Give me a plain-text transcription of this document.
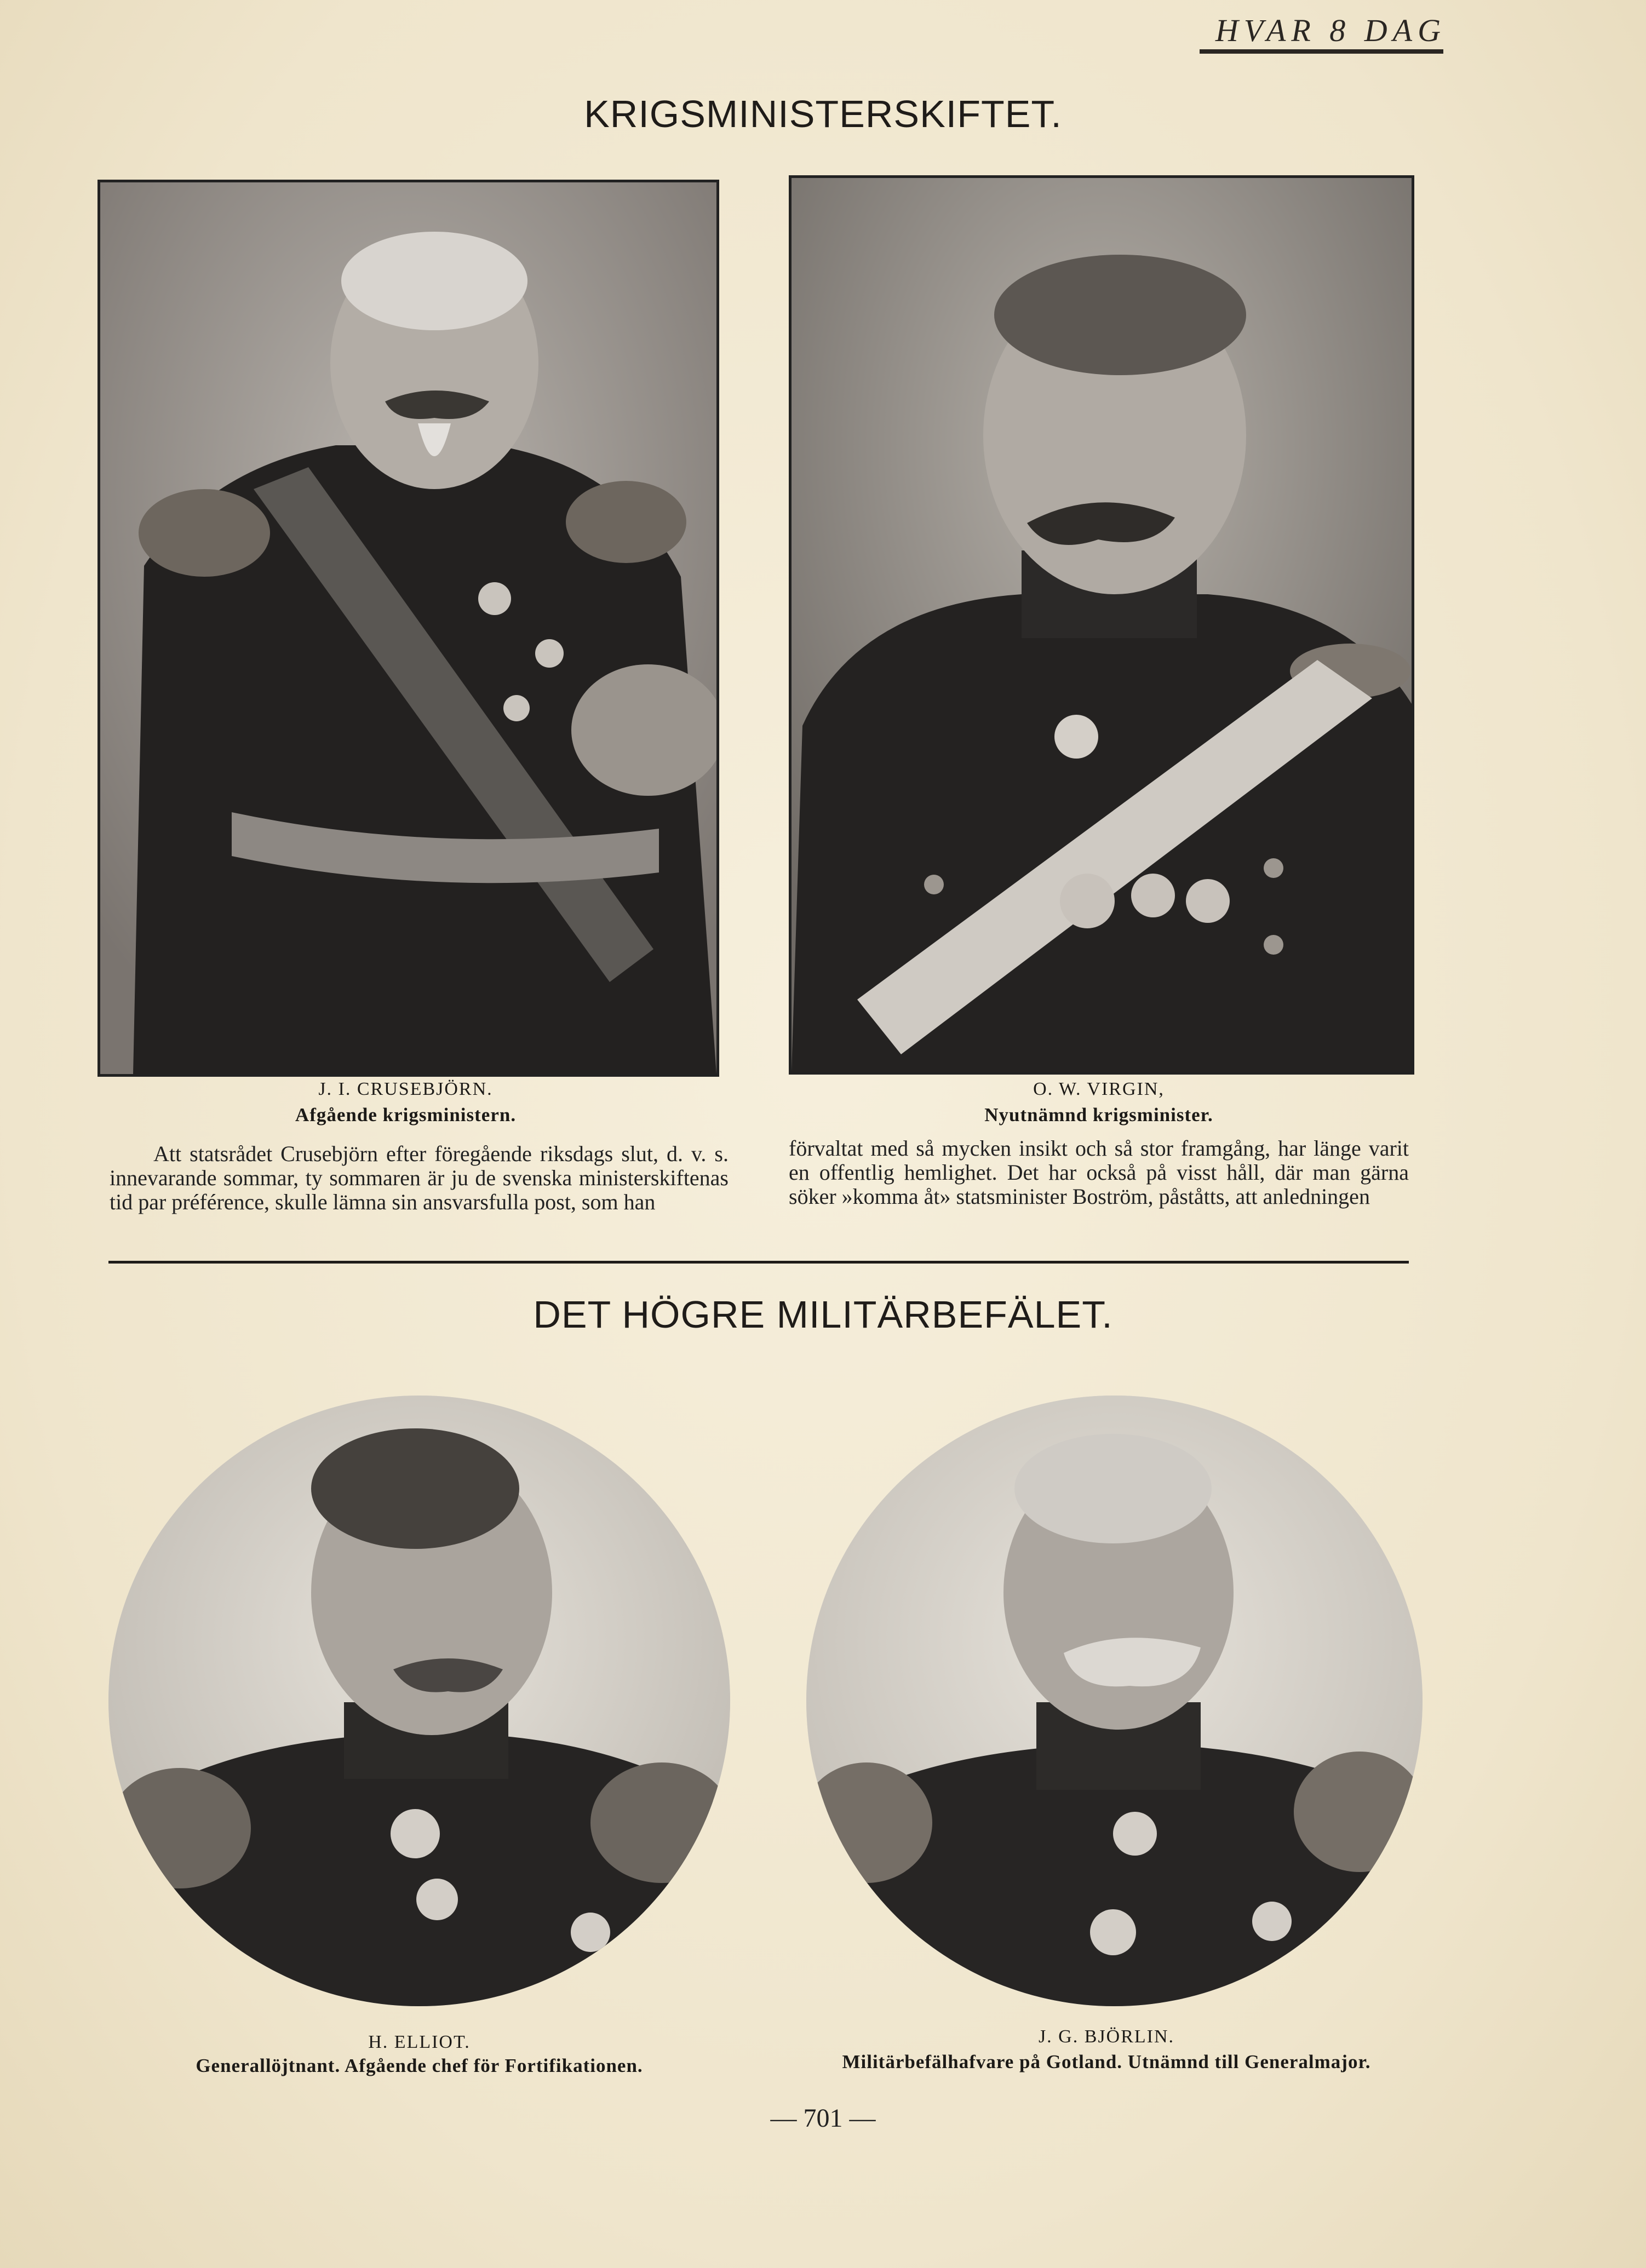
HVAR 8 DAG
KRIGSMINISTERSKIFTET.
J. I. CRUSEBJÖRN.
Afgående krigsministern.
O. W. VIRGIN,
Nyutnämnd krigsminister.
Att statsrådet Crusebjörn efter föregående riksdags slut, d. v. s. innevarande sommar, ty sommaren är ju de svenska ministerskiftenas tid par préférence, skulle lämna sin ansvarsfulla post, som han
förvaltat med så mycken insikt och så stor framgång, har länge varit en offentlig hemlighet. Det har också på visst håll, där man gärna söker »komma åt» statsminister Boström, påståtts, att anledningen
DET HÖGRE MILITÄRBEFÄLET.
H. ELLIOT.
Generallöjtnant. Afgående chef för Fortifikationen.
J. G. BJÖRLIN.
Militärbefälhafvare på Gotland. Utnämnd till Generalmajor.
— 701 —
